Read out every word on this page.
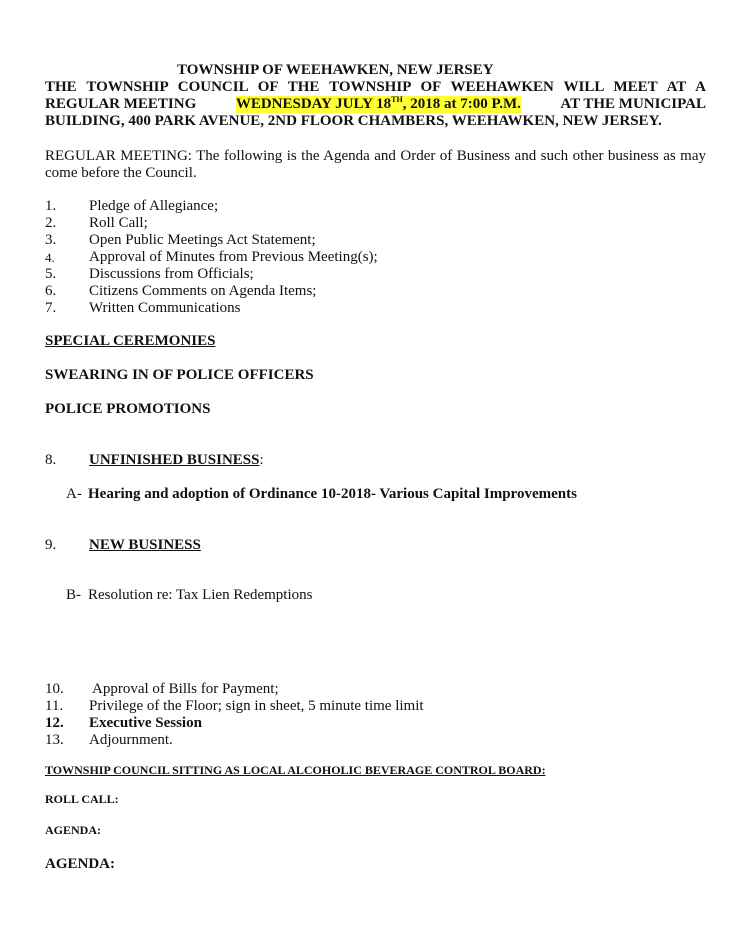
TOWNSHIP OF WEEHAWKEN, NEW JERSEY
THE TOWNSHIP COUNCIL OF THE TOWNSHIP OF WEEHAWKEN WILL MEET AT A
REGULAR MEETING	WEDNESDAY JULY 18TH, 2018 at 7:00 P.M.	AT THE MUNICIPAL
BUILDING, 400 PARK AVENUE, 2ND FLOOR CHAMBERS, WEEHAWKEN, NEW JERSEY.
REGULAR MEETING: The following is the Agenda and Order of Business and such other business as may
come before the Council.
1. Pledge of Allegiance;
2. Roll Call;
3. Open Public Meetings Act Statement;
4. Approval of Minutes from Previous Meeting(s);
5. Discussions from Officials;
6. Citizens Comments on Agenda Items;
7. Written Communications
SPECIAL CEREMONIES
SWEARING IN OF POLICE OFFICERS
POLICE PROMOTIONS
8. UNFINISHED BUSINESS:
A- Hearing and adoption of Ordinance 10-2018- Various Capital Improvements
9. NEW BUSINESS
B- Resolution re: Tax Lien Redemptions
10. Approval of Bills for Payment;
11. Privilege of the Floor; sign in sheet, 5 minute time limit
12. Executive Session
13. Adjournment.
TOWNSHIP COUNCIL SITTING AS LOCAL ALCOHOLIC BEVERAGE CONTROL BOARD:
ROLL CALL:
AGENDA:
AGENDA:
